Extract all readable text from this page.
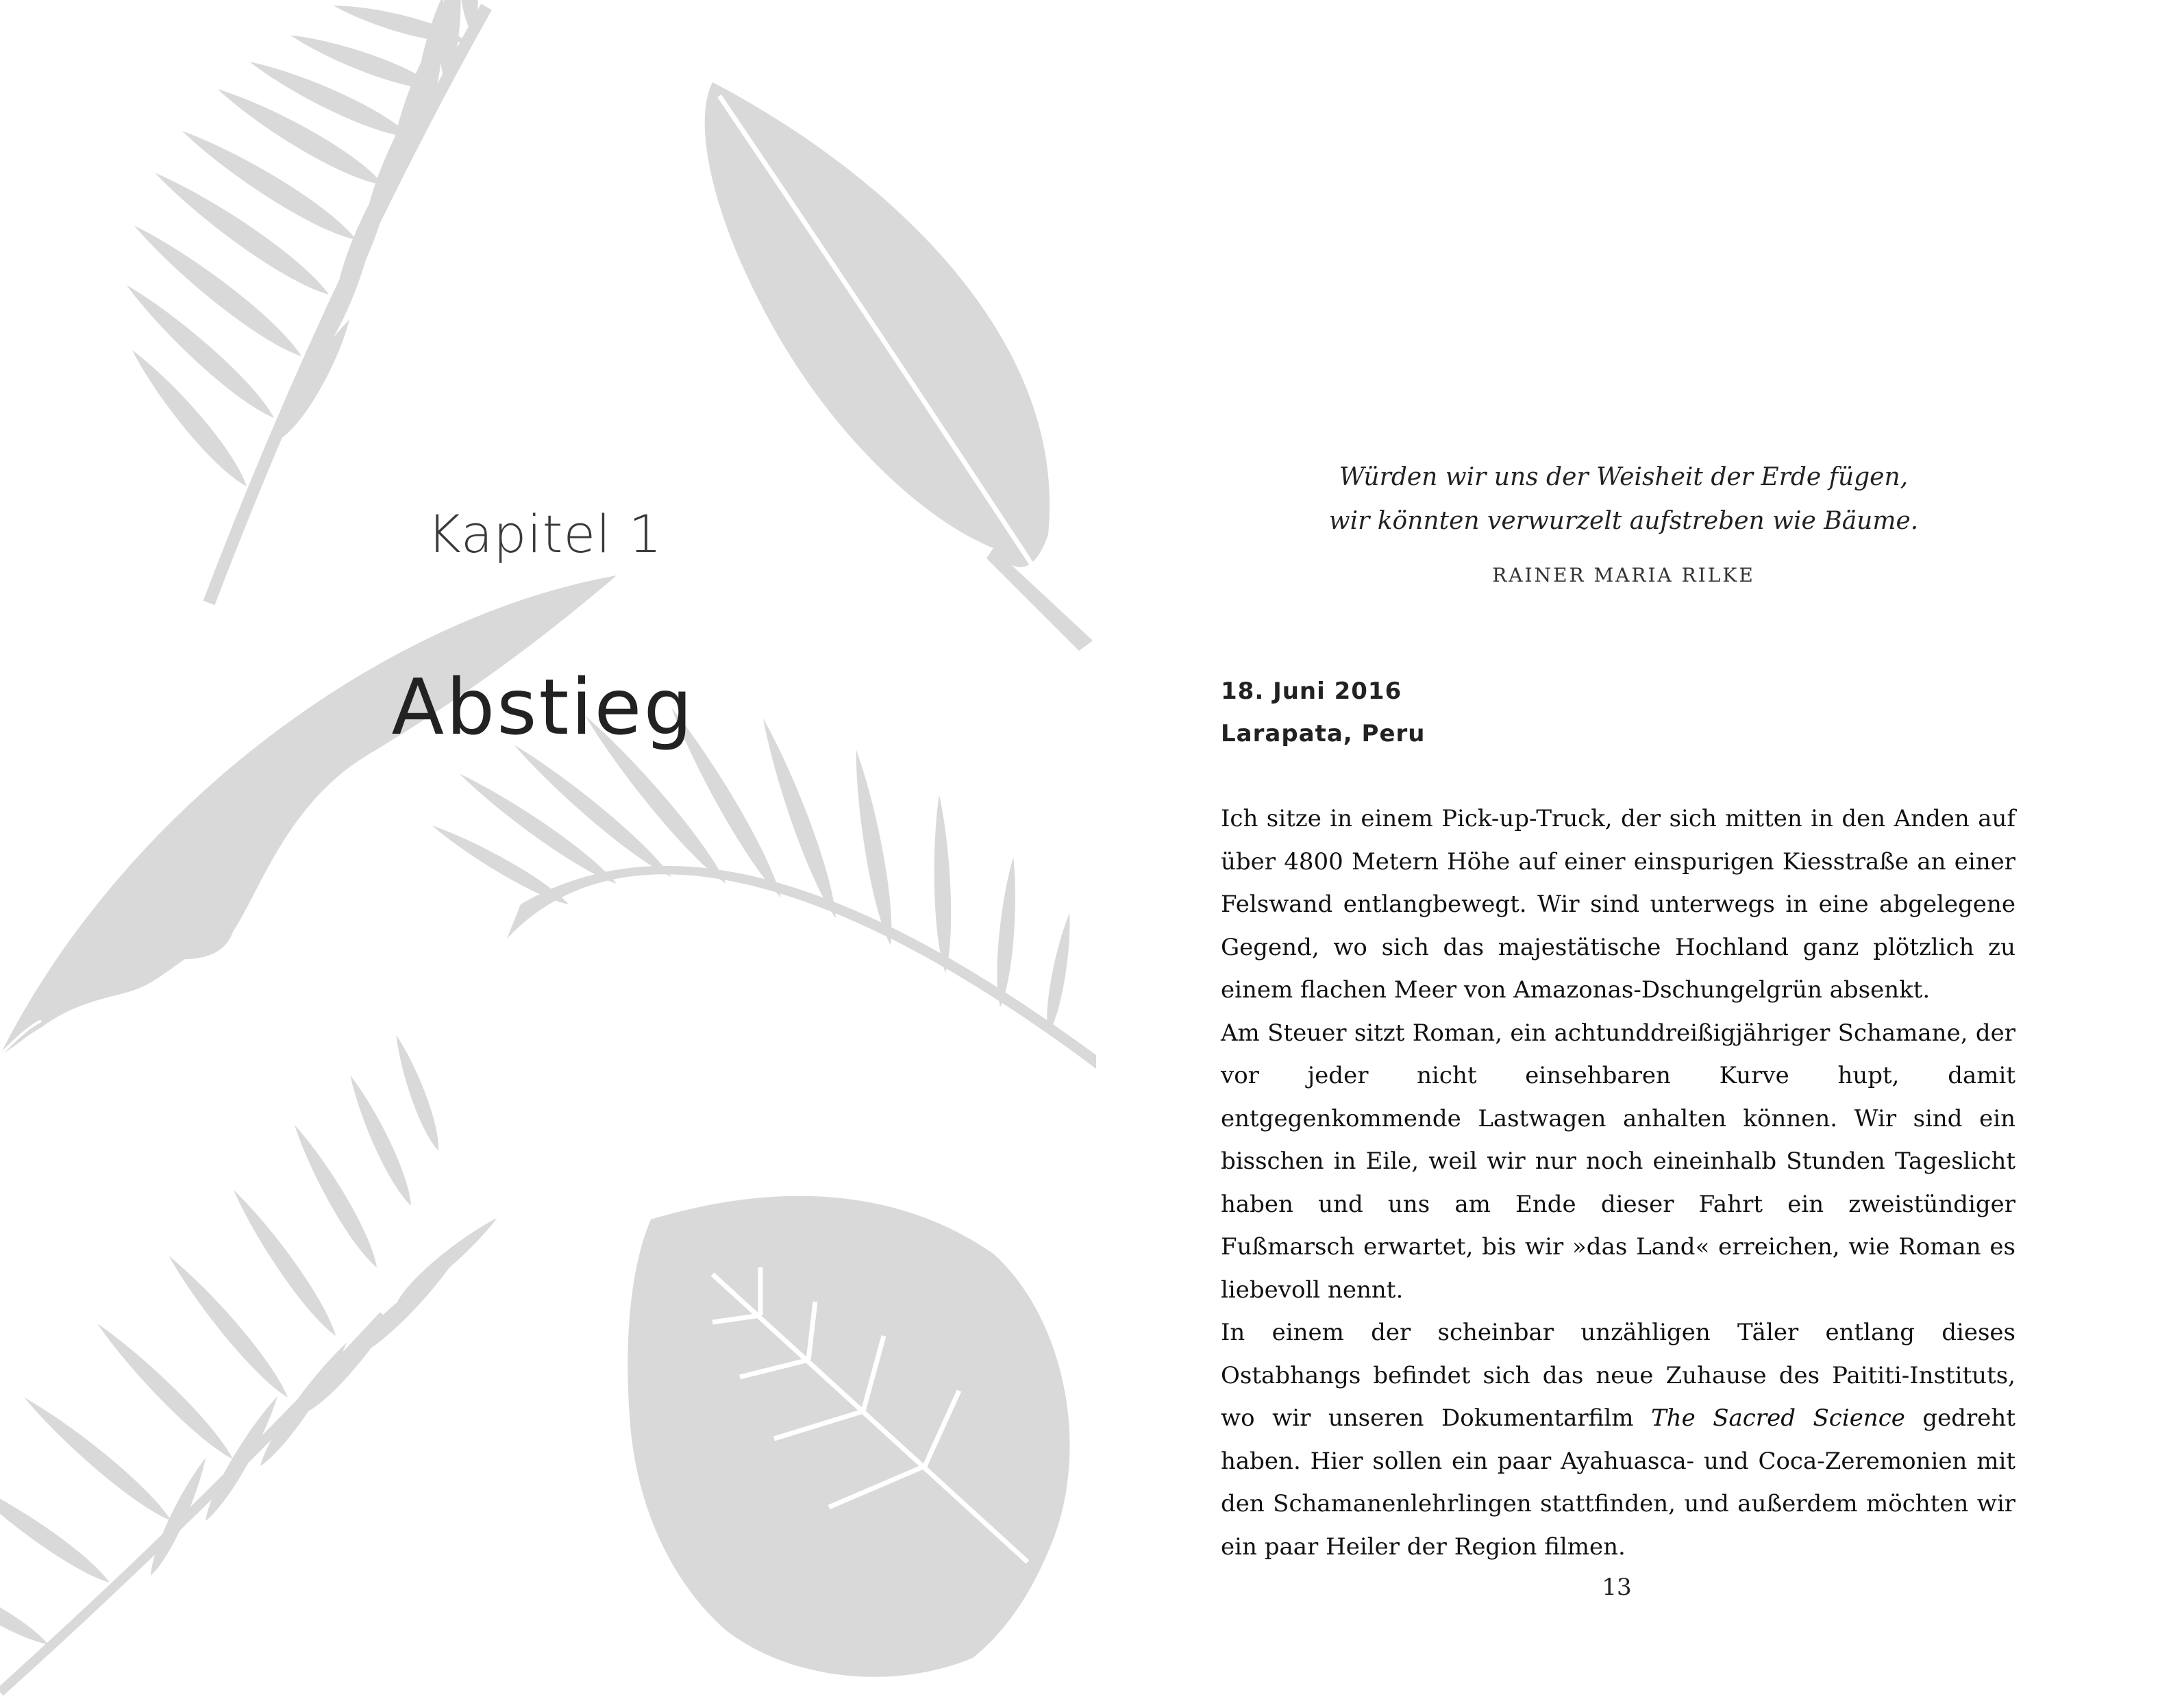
Kapitel 1
Abstieg
Würden wir uns der Weisheit der Erde fügen,
wir könnten verwurzelt aufstreben wie Bäume.
RAINER MARIA RILKE
18. Juni 2016
Larapata, Peru

Ich sitze in einem Pick-up-Truck, der sich mitten in den Anden auf über 4800 Metern Höhe auf einer einspurigen Kiesstraße an einer Felswand entlangbewegt. Wir sind unterwegs in eine abgelegene Gegend, wo sich das majestätische Hochland ganz plötzlich zu einem flachen Meer von Amazonas-Dschungelgrün absenkt.

Am Steuer sitzt Roman, ein achtunddreißigjähriger Schamane, der vor jeder nicht einsehbaren Kurve hupt, damit entgegenkommende Lastwagen anhalten können. Wir sind ein bisschen in Eile, weil wir nur noch eineinhalb Stunden Tageslicht haben und uns am Ende dieser Fahrt ein zweistündiger Fußmarsch erwartet, bis wir »das Land« erreichen, wie Roman es liebevoll nennt.

In einem der scheinbar unzähligen Täler entlang dieses Ostabhangs befindet sich das neue Zuhause des Paititi-Instituts, wo wir unseren Dokumentarfilm The Sacred Science gedreht haben. Hier sollen ein paar Ayahuasca- und Coca-Zeremonien mit den Schamanenlehrlingen stattfinden, und außerdem möchten wir ein paar Heiler der Region filmen.

13
